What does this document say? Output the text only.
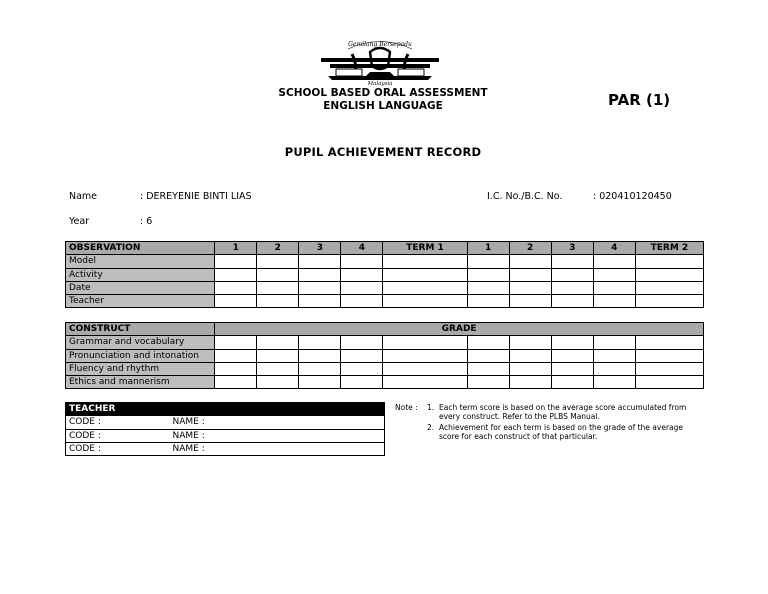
Gemilang Bersepadu
Malaysia
SCHOOL BASED ORAL ASSESSMENT
ENGLISH LANGUAGE	PAR (1)
PUPIL ACHIEVEMENT RECORD
Name	: DEREYENIE BINTI LIAS	I.C. No./B.C. No.	: 020410120450
Year	: 6
OBSERVATION	1	2	3	4	TERM 1	1	2	3	4	TERM 2
Model										
Activity										
Date										
Teacher										
CONSTRUCT	GRADE									
Grammar and vocabulary										
Pronunciation and intonation										
Fluency and rhythm										
Ethics and mannerism										
TEACHER	
CODE :	NAME :
CODE :	NAME :
CODE :	NAME :
Note : 1. Each term score is based on the average score accumulated from every construct. Refer to the PLBS Manual.
2. Achievement for each term is based on the grade of the average score for each construct of that particular.
